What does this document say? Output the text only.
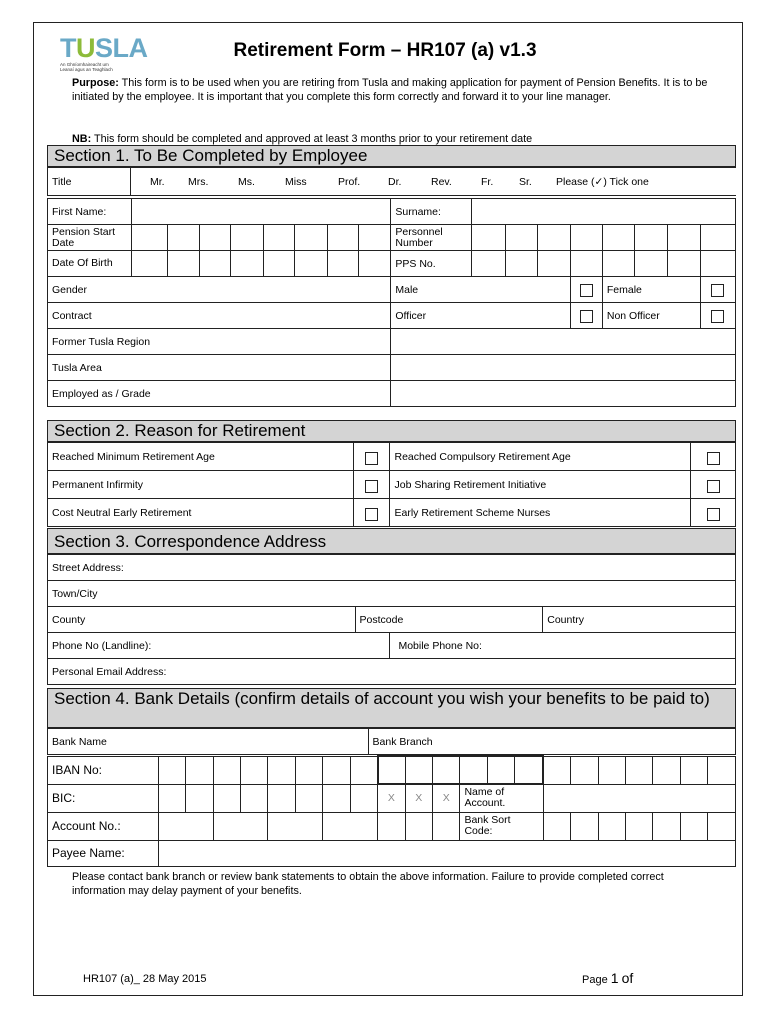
TUSLA
An Ghníomhaireacht um
Leanaí agus an Teaghlach
Retirement Form – HR107 (a) v1.3
Purpose: This form is to be used when you are retiring from Tusla and making application for payment of Pension Benefits. It is to be initiated by the employee. It is important that you complete this form correctly and forward it to your line manager.
NB: This form should be completed and approved at least 3 months prior to your retirement date
Section 1. To Be Completed by Employee
Title	Mr.	Mrs.	Ms.	Miss	Prof.	Dr.	Rev.	Fr.	Sr.	Please (✓) Tick one
First Name:									Surname:								
Pension Start Date									Personnel Number								
Date Of Birth									PPS No.								
Gender									Male					Female			
Contract									Officer					Non Officer			
Former Tusla Region																	
Tusla Area																	
Employed as / Grade																	
Section 2. Reason for Retirement
Reached Minimum Retirement Age		Reached Compulsory Retirement Age	
Permanent Infirmity		Job Sharing Retirement Initiative	
Cost Neutral Early Retirement		Early Retirement Scheme Nurses	
Section 3. Correspondence Address
Street Address:			
Town/City			
County	Postcode		Country
Phone No (Landline):		Mobile Phone No:	
Personal Email Address:			
Section 4. Bank Details (confirm details of account you wish your benefits to be paid to)
Bank Name	Bank Branch
IBAN No:																					
BIC:									X	X	X	Name of Account.									
Account No.:												Bank Sort Code:									
Payee Name:																					
Please contact bank branch or review bank statements to obtain the above information. Failure to provide completed correct information may delay payment of your benefits.
HR107 (a)_ 28 May 2015	Page 1 of
